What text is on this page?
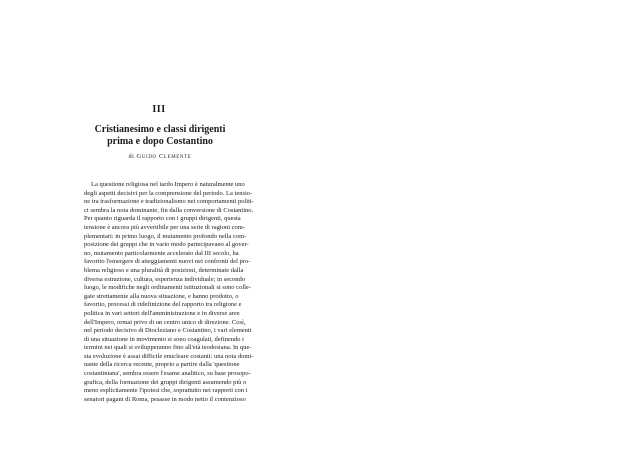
III
Cristianesimo e classi dirigenti
prima e dopo Costantino
di Guido Clemente
La questione religiosa nel tardo Impero è naturalmente uno
degli aspetti decisivi per la comprensione del periodo. La tensio-
ne tra trasformazione e tradizionalismo nei comportamenti politi-
ci sembra la nota dominante, fin dalla conversione di Costantino.
Per quanto riguarda il rapporto con i gruppi dirigenti, questa
tensione è ancora più avvertibile per una serie di ragioni com-
plementari: in primo luogo, il mutamento profondo nella com-
posizione dei gruppi che in vario modo partecipavano al gover-
no, mutamento particolarmente accelerato dal III secolo, ha
favorito l'emergere di atteggiamenti nuovi nei confronti del pro-
blema religioso e una pluralità di posizioni, determinate dalla
diversa estrazione, cultura, esperienza individuale; in secondo
luogo, le modifiche negli ordinamenti istituzionali si sono colle-
gate strettamente alla nuova situazione, e hanno prodotto, o
favorito, processi di ridefinizione del rapporto tra religione e
politica in vari settori dell'amministrazione e in diverse aree
dell'Impero, ormai privo di un centro unico di direzione. Così,
nel periodo decisivo di Diocleziano e Costantino, i vari elementi
di una situazione in movimento si sono coagulati, definendo i
termini nei quali si svilupperanno fino all'età teodosiana. In que-
sta evoluzione è assai difficile enucleare costanti: una nota domi-
nante della ricerca recente, proprio a partire dalla 'questione
costantiniana', sembra essere l'esame analitico, su base prosopo-
grafica, della formazione dei gruppi dirigenti assumendo più o
meno esplicitamente l'ipotesi che, soprattutto nei rapporti con i
senatori pagani di Roma, pesasse in modo netto il contenzioso
